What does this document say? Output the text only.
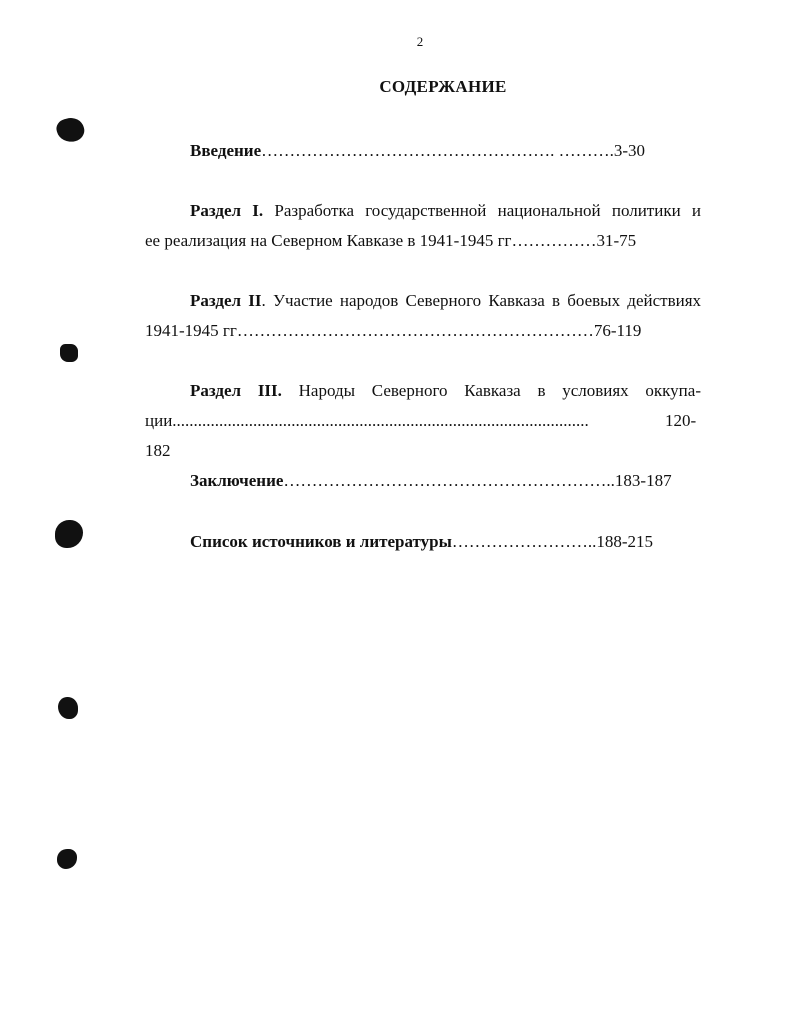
2
СОДЕРЖАНИЕ
Введение……………………………………………. ……….3-30
Раздел I. Разработка государственной национальной политики и
ее реализация на Северном Кавказе в 1941-1945 гг……………31-75
Раздел II. Участие народов Северного Кавказа в боевых действиях
1941-1945 гг………………………………………………………76-119
Раздел III. Народы Северного Кавказа в условиях оккупа-
ции..................................................................................................	120-182
Заключение…………………………………………………..183-187
Список источников и литературы……………………..188-215
